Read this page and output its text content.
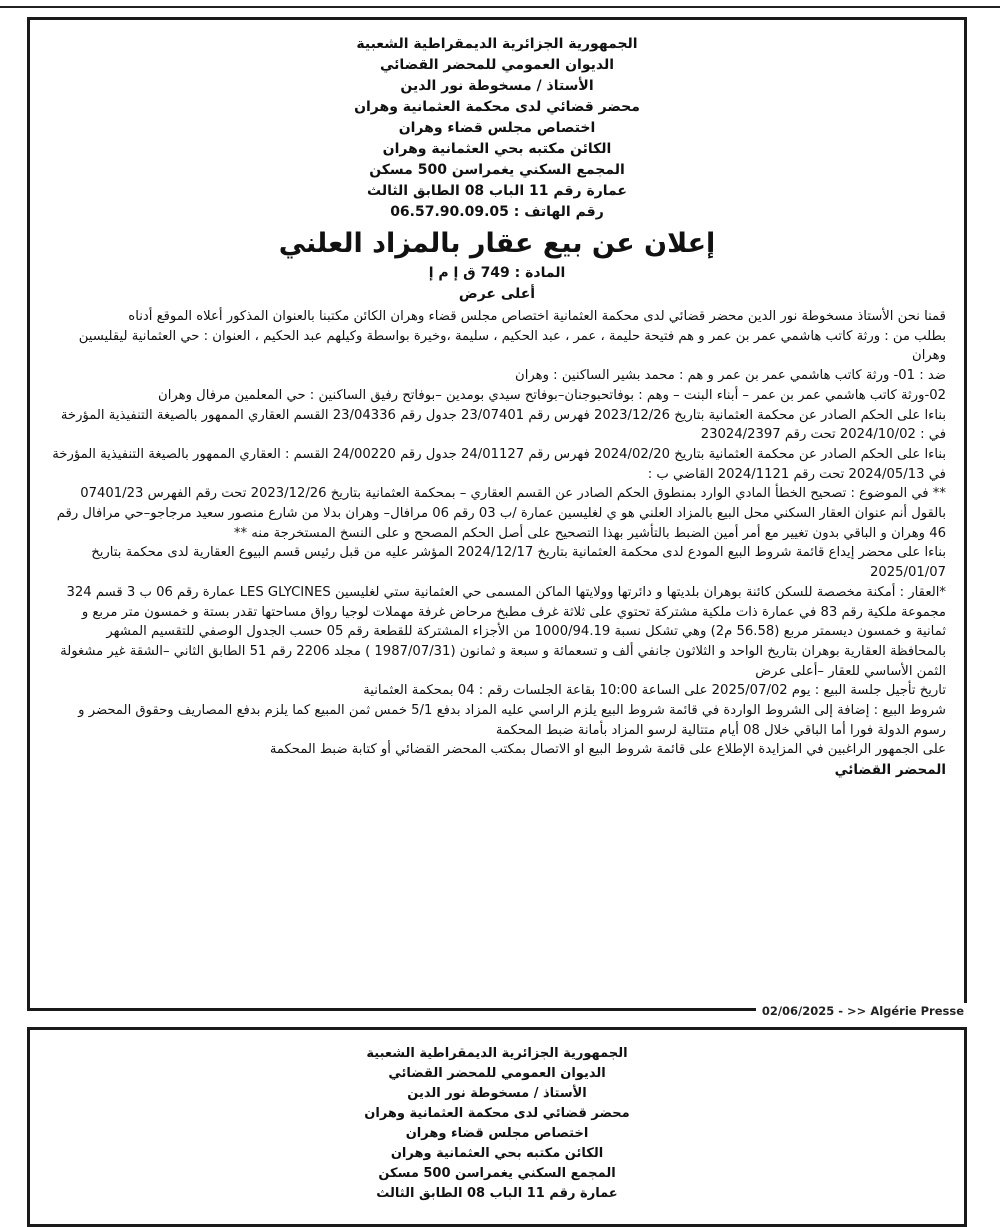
الجمهورية الجزائرية الديمقراطية الشعبية
الديوان العمومي للمحضر القضائي
الأستاذ / مسخوطة نور الدين
محضر قضائي لدى محكمة العثمانية وهران
اختصاص مجلس قضاء وهران
الكائن مكتبه بحي العثمانية وهران
المجمع السكني يغمراسن 500 مسكن
عمارة رقم 11 الباب 08 الطابق الثالث
رقم الهاتف : 06.57.90.09.05
إعلان عن بيع عقار بالمزاد العلني
المادة : 749 ق إ م إ
أعلى عرض

قمنا نحن الأستاذ مسخوطة نور الدين محضر قضائي لدى محكمة العثمانية اختصاص مجلس قضاء وهران الكائن مكتبنا بالعنوان المذكور أعلاه الموقع أدناه

بطلب من : ورثة كاتب هاشمي عمر بن عمر و هم فتيحة حليمة ، عمر ، عبد الحكيم ، سليمة ،وخيرة بواسطة وكيلهم عبد الحكيم ، العنوان : حي العثمانية ليقليسين وهران

ضد : 01- ورثة كاتب هاشمي عمر بن عمر و هم : محمد بشير الساكنين : وهران

02-ورثة كاتب هاشمي عمر بن عمر – أبناء البنت – وهم : بوفاتحبوجنان–بوفاتح سيدي بومدين –بوفاتح رفيق الساكنين : حي المعلمين مرفال وهران

بناءا على الحكم الصادر عن محكمة العثمانية بتاريخ 2023/12/26 فهرس رقم 23/07401 جدول رقم 23/04336 القسم العقاري الممهور بالصيغة التنفيذية المؤرخة في : 2024/10/02 تحت رقم 23024/2397

بناءا على الحكم الصادر عن محكمة العثمانية بتاريخ 2024/02/20 فهرس رقم 24/01127 جدول رقم 24/00220 القسم : العقاري الممهور بالصيغة التنفيذية المؤرخة في 2024/05/13 تحت رقم 2024/1121 القاضي ب :

** في الموضوع : تصحيح الخطأ المادي الوارد بمنطوق الحكم الصادر عن القسم العقاري – بمحكمة العثمانية بتاريخ 2023/12/26 تحت رقم الفهرس 07401/23 بالقول أنم عنوان العقار السكني محل البيع بالمزاد العلني هو ي لغليسين عمارة /ب 03 رقم 06 مرافال– وهران بدلا من شارع منصور سعيد مرجاجو–حي مرافال رقم 46 وهران و الباقي بدون تغيير مع أمر أمين الضبط بالتأشير بهذا التصحيح على أصل الحكم المصحح و على النسخ المستخرجة منه **

بناءا على محضر إيداع قائمة شروط البيع المودع لدى محكمة العثمانية بتاريخ 2024/12/17 المؤشر عليه من قبل رئيس قسم البيوع العقارية لدى محكمة بتاريخ 2025/01/07

*العقار : أمكنة مخصصة للسكن كائنة بوهران بلديتها و دائرتها وولايتها الماكن المسمى حي العثمانية ستي لغليسين LES GLYCINES عمارة رقم 06 ب 3 قسم 324 مجموعة ملكية رقم 83 في عمارة ذات ملكية مشتركة تحتوي على ثلاثة غرف مطبخ مرحاض غرفة مهملات لوجيا رواق مساحتها تقدر بستة و خمسون متر مربع و ثمانية و خمسون ديسمتر مربع (56.58 م2) وهي تشكل نسبة 1000/94.19 من الأجزاء المشتركة للقطعة رقم 05 حسب الجدول الوصفي للتقسيم المشهر بالمحافظة العقارية بوهران بتاريخ الواحد و الثلاثون جانفي ألف و تسعمائة و سبعة و ثمانون (1987/07/31 ) مجلد 2206 رقم 51 الطابق الثاني –الشقة غير مشغولة

الثمن الأساسي للعقار –أعلى عرض

تاريخ تأجيل جلسة البيع : يوم 2025/07/02 على الساعة 10:00 بقاعة الجلسات رقم : 04 بمحكمة العثمانية

شروط البيع : إضافة إلى الشروط الواردة في قائمة شروط البيع يلزم الراسي عليه المزاد بدفع 5/1 خمس ثمن المبيع كما يلزم بدفع المصاريف وحقوق المحضر و رسوم الدولة فورا أما الباقي خلال 08 أيام متتالية لرسو المزاد بأمانة ضبط المحكمة

على الجمهور الراغبين في المزايدة الإطلاع على قائمة شروط البيع او الاتصال بمكتب المحضر القضائي أو كتابة ضبط المحكمة

المحضر القضائي
02/06/2025 - >> Algérie Presse
الجمهورية الجزائرية الديمقراطية الشعبية
الديوان العمومي للمحضر القضائي
الأستاذ / مسخوطة نور الدين
محضر قضائي لدى محكمة العثمانية وهران
اختصاص مجلس قضاء وهران
الكائن مكتبه بحي العثمانية وهران
المجمع السكني يغمراسن 500 مسكن
عمارة رقم 11 الباب 08 الطابق الثالث
